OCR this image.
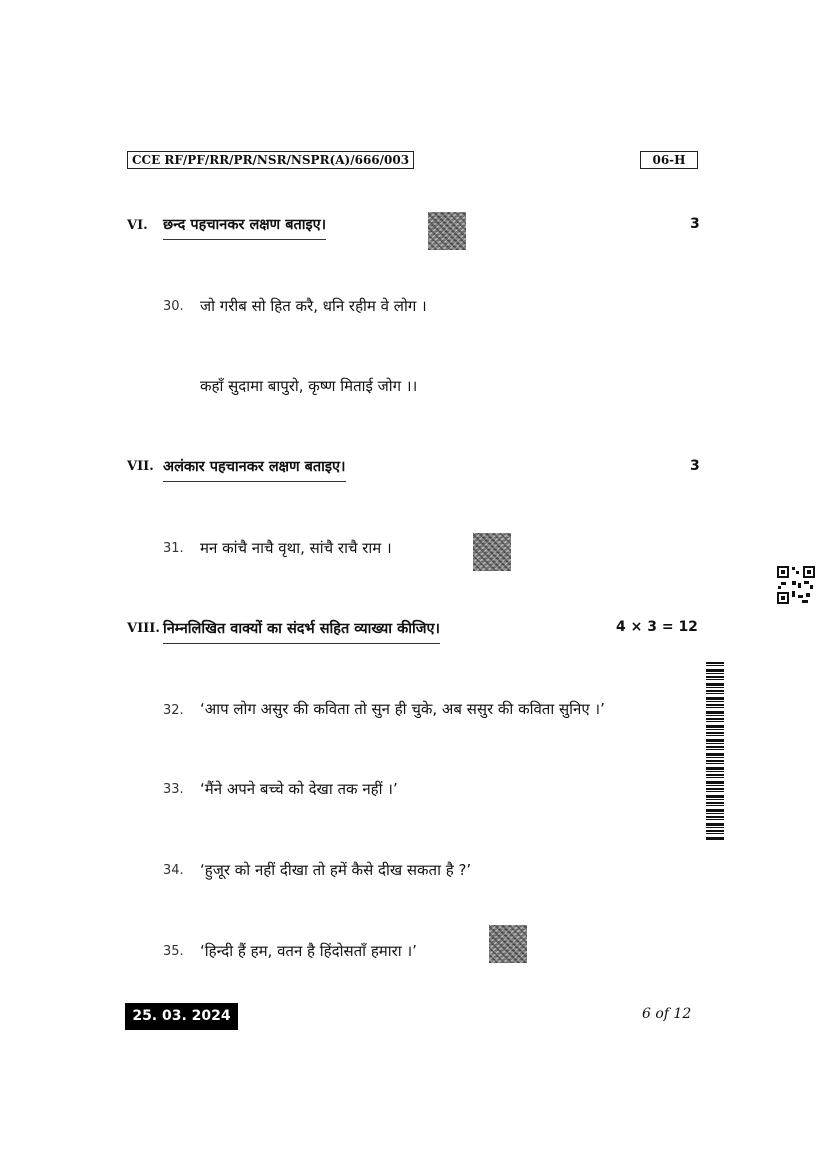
CCE RF/PF/RR/PR/NSR/NSPR(A)/666/003	06-H
VI. छन्द पहचानकर लक्षण बताइए।	3
30. जो गरीब सो हित करै, धनि रहीम वे लोग ।
कहाँ सुदामा बापुरो, कृष्ण मिताई जोग ।।
VII. अलंकार पहचानकर लक्षण बताइए।	3
31. मन कांचै नाचै वृथा, सांचै राचै राम ।
VIII. निम्नलिखित वाक्यों का संदर्भ सहित व्याख्या कीजिए।	4 × 3 = 12
32. ‘आप लोग असुर की कविता तो सुन ही चुके, अब ससुर की कविता सुनिए ।’
33. ‘मैंने अपने बच्चे को देखा तक नहीं ।’
34. ‘हुजूर को नहीं दीखा तो हमें कैसे दीख सकता है ?’
35. ‘हिन्दी हैं हम, वतन है हिंदोसताँ हमारा ।’
25. 03. 2024	6 of 12
